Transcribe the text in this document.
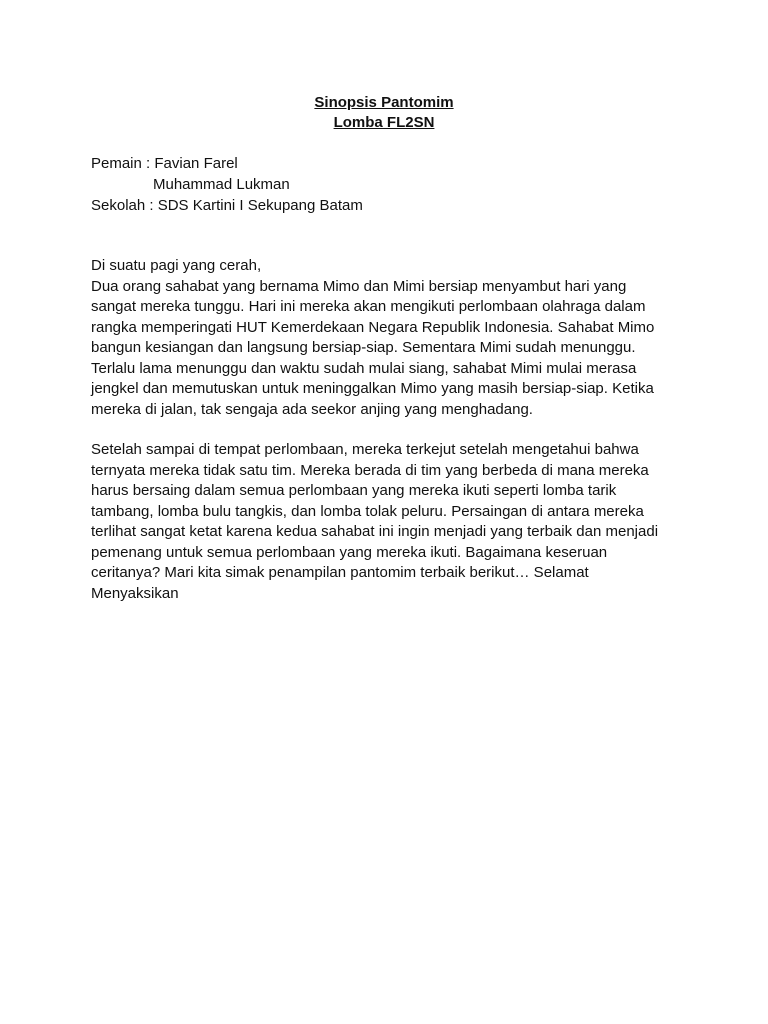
Sinopsis Pantomim
Lomba FL2SN
Pemain : Favian Farel
Muhammad Lukman
Sekolah : SDS Kartini I Sekupang Batam

Di suatu pagi yang cerah,
Dua orang sahabat yang bernama Mimo dan Mimi bersiap menyambut hari yang
sangat mereka tunggu. Hari ini mereka akan mengikuti perlombaan olahraga dalam
rangka memperingati HUT Kemerdekaan Negara Republik Indonesia. Sahabat Mimo
bangun kesiangan dan langsung bersiap-siap. Sementara Mimi sudah menunggu.
Terlalu lama menunggu dan waktu sudah mulai siang, sahabat Mimi mulai merasa
jengkel dan memutuskan untuk meninggalkan Mimo yang masih bersiap-siap. Ketika
mereka di jalan, tak sengaja ada seekor anjing yang menghadang.

Setelah sampai di tempat perlombaan, mereka terkejut setelah mengetahui bahwa
ternyata mereka tidak satu tim. Mereka berada di tim yang berbeda di mana mereka
harus bersaing dalam semua perlombaan yang mereka ikuti seperti lomba tarik
tambang, lomba bulu tangkis, dan lomba tolak peluru. Persaingan di antara mereka
terlihat sangat ketat karena kedua sahabat ini ingin menjadi yang terbaik dan menjadi
pemenang untuk semua perlombaan yang mereka ikuti. Bagaimana keseruan
ceritanya? Mari kita simak penampilan pantomim terbaik berikut… Selamat
Menyaksikan
